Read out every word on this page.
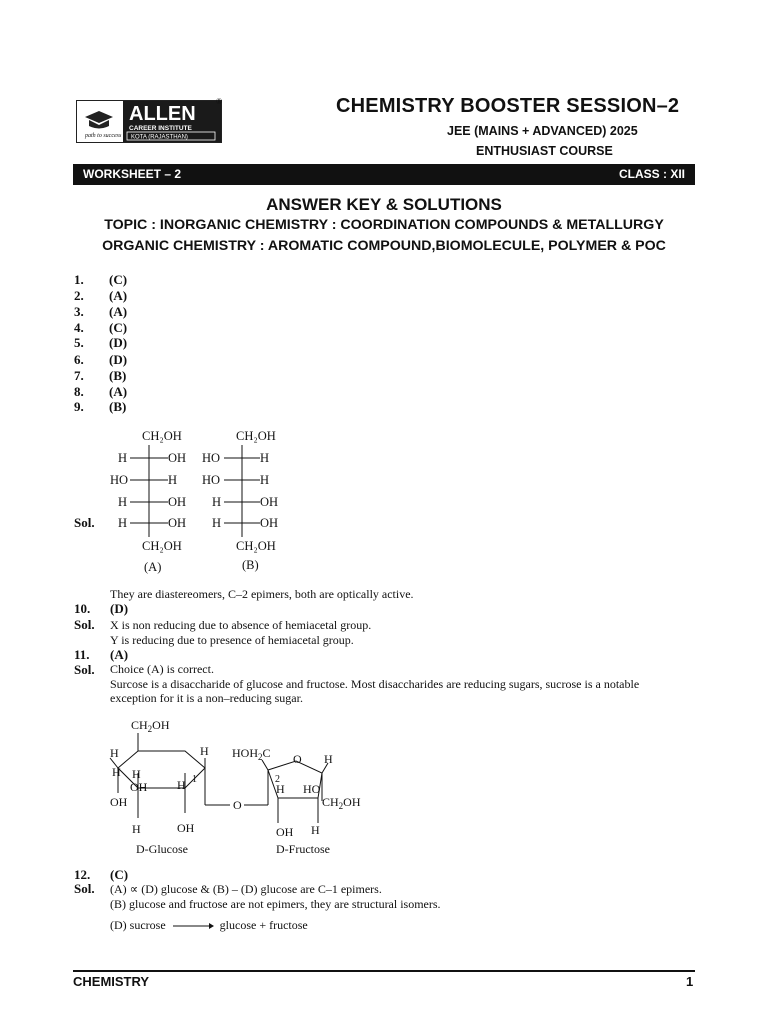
path to success
ALLEN
CAREER INSTITUTE
KOTA (RAJASTHAN)
®	CHEMISTRY BOOSTER SESSION–2
JEE (MAINS + ADVANCED) 2025
ENTHUSIAST COURSE
WORKSHEET – 2	CLASS : XII
ANSWER KEY & SOLUTIONS
TOPIC : INORGANIC CHEMISTRY : COORDINATION COMPOUNDS & METALLURGY
ORGANIC CHEMISTRY : AROMATIC COMPOUND,BIOMOLECULE, POLYMER & POC
1. (C)
2. (A)
3. (A)
4. (C)
5. (D)
6. (D)
7. (B)
8. (A)
9. (B)
Sol.
CH₂OH
H	OH
HO	H
H	OH
H	OH
CH₂OH
(A)
CH₂OH
HO	H
HO	H
H	OH
H	OH
CH₂OH
(B)
They are diastereomers, C–2 epimers, both are optically active.
10. (D)
Sol. X is non reducing due to absence of hemiacetal group.
Y is reducing due to presence of hemiacetal group.
11. (A)
Sol. Choice (A) is correct.
Surcose is a disaccharide of glucose and fructose. Most disaccharides are reducing sugars, sucrose is a notable
exception for it is a non–reducing sugar.
$CH_2OH$
H	H
H H
OH H 1
OH
H	OH
O
$HOH_2C$ O H
2
H HO
$CH_2OH$
OH H
D-Glucose	D-Fructose
12. (C)
Sol. (A) ∝ (D) glucose & (B) – (D) glucose are C–1 epimers.
(B) glucose and fructose are not epimers, they are structural isomers.
(D) sucrose	glucose + fructose
CHEMISTRY	1
